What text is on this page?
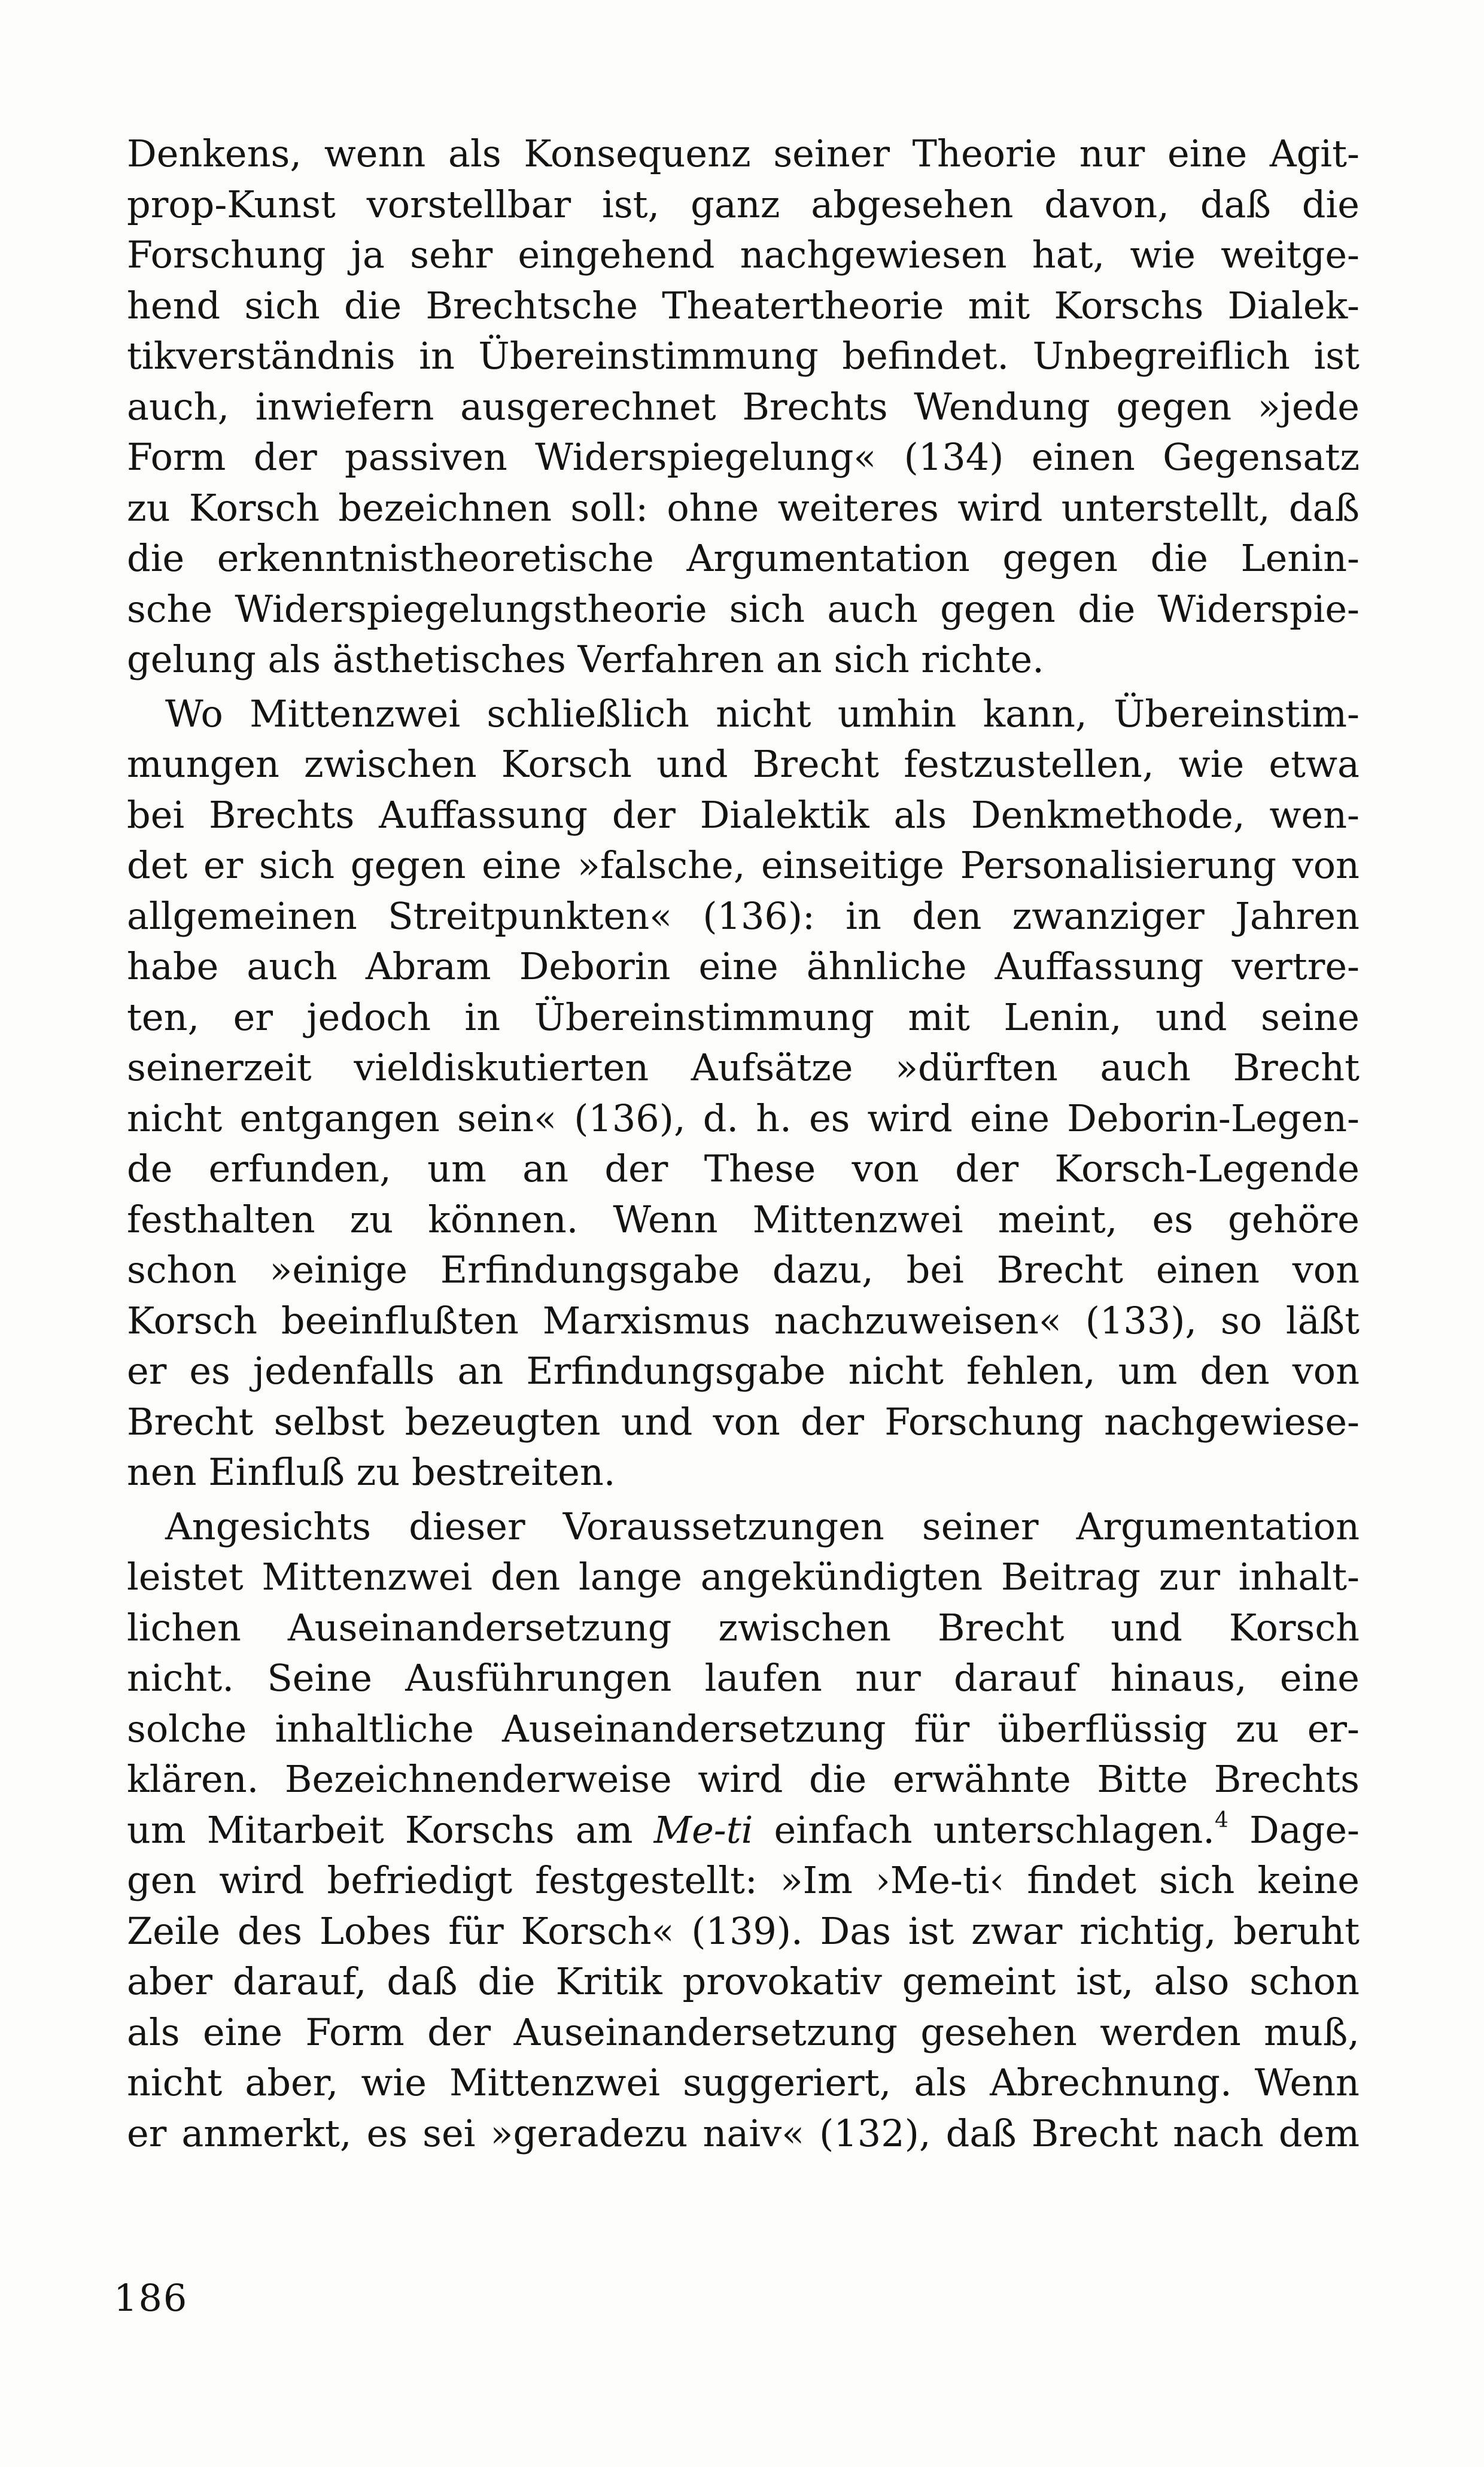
Denkens, wenn als Konsequenz seiner Theorie nur eine Agit-
prop-Kunst vorstellbar ist, ganz abgesehen davon, daß die
Forschung ja sehr eingehend nachgewiesen hat, wie weitge-
hend sich die Brechtsche Theatertheorie mit Korschs Dialek-
tikverständnis in Übereinstimmung befindet. Unbegreiflich ist
auch, inwiefern ausgerechnet Brechts Wendung gegen »jede
Form der passiven Widerspiegelung« (134) einen Gegensatz
zu Korsch bezeichnen soll: ohne weiteres wird unterstellt, daß
die erkenntnistheoretische Argumentation gegen die Lenin-
sche Widerspiegelungstheorie sich auch gegen die Widerspie-
gelung als ästhetisches Verfahren an sich richte.
Wo Mittenzwei schließlich nicht umhin kann, Übereinstim-
mungen zwischen Korsch und Brecht festzustellen, wie etwa
bei Brechts Auffassung der Dialektik als Denkmethode, wen-
det er sich gegen eine »falsche, einseitige Personalisierung von
allgemeinen Streitpunkten« (136): in den zwanziger Jahren
habe auch Abram Deborin eine ähnliche Auffassung vertre-
ten, er jedoch in Übereinstimmung mit Lenin, und seine
seinerzeit vieldiskutierten Aufsätze »dürften auch Brecht
nicht entgangen sein« (136), d. h. es wird eine Deborin-Legen-
de erfunden, um an der These von der Korsch-Legende
festhalten zu können. Wenn Mittenzwei meint, es gehöre
schon »einige Erfindungsgabe dazu, bei Brecht einen von
Korsch beeinflußten Marxismus nachzuweisen« (133), so läßt
er es jedenfalls an Erfindungsgabe nicht fehlen, um den von
Brecht selbst bezeugten und von der Forschung nachgewiese-
nen Einfluß zu bestreiten.
Angesichts dieser Voraussetzungen seiner Argumentation
leistet Mittenzwei den lange angekündigten Beitrag zur inhalt-
lichen Auseinandersetzung zwischen Brecht und Korsch
nicht. Seine Ausführungen laufen nur darauf hinaus, eine
solche inhaltliche Auseinandersetzung für überflüssig zu er-
klären. Bezeichnenderweise wird die erwähnte Bitte Brechts
um Mitarbeit Korschs am Me-ti einfach unterschlagen.$^4$ Dage-
gen wird befriedigt festgestellt: »Im ›Me-ti‹ findet sich keine
Zeile des Lobes für Korsch« (139). Das ist zwar richtig, beruht
aber darauf, daß die Kritik provokativ gemeint ist, also schon
als eine Form der Auseinandersetzung gesehen werden muß,
nicht aber, wie Mittenzwei suggeriert, als Abrechnung. Wenn
er anmerkt, es sei »geradezu naiv« (132), daß Brecht nach dem
186
